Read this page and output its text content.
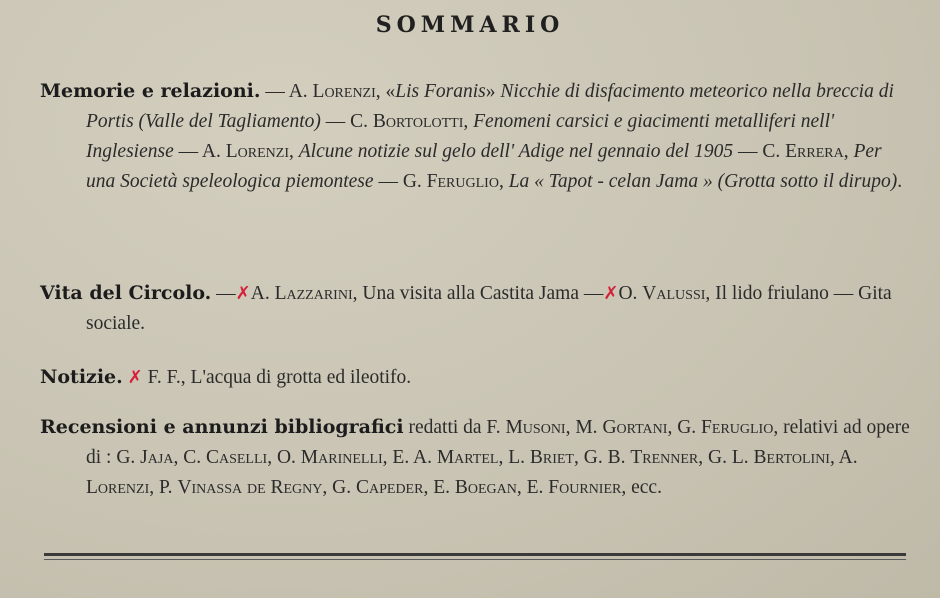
SOMMARIO

Memorie e relazioni. — A. Lorenzi, «Lis Foranis» Nicchie di disfacimento meteorico nella breccia di Portis (Valle del Tagliamento) — C. Bortolotti, Fenomeni carsici e giacimenti metalliferi nell' Inglesiense — A. Lorenzi, Alcune notizie sul gelo dell' Adige nel gennaio del 1905 — C. Errera, Per una Società speleologica piemontese — G. Feruglio, La « Tapot - celan Jama » (Grotta sotto il dirupo).

Vita del Circolo. —✗A. Lazzarini, Una visita alla Castita Jama —✗O. Valussi, Il lido friulano — Gita sociale.

Notizie. ✗ F. F., L'acqua di grotta ed ileotifo.

Recensioni e annunzi bibliografici redatti da F. Musoni, M. Gortani, G. Feruglio, relativi ad opere di : G. Jaja, C. Caselli, O. Marinelli, E. A. Martel, L. Briet, G. B. Trenner, G. L. Bertolini, A. Lorenzi, P. Vinassa de Regny, G. Capeder, E. Boegan, E. Fournier, ecc.
